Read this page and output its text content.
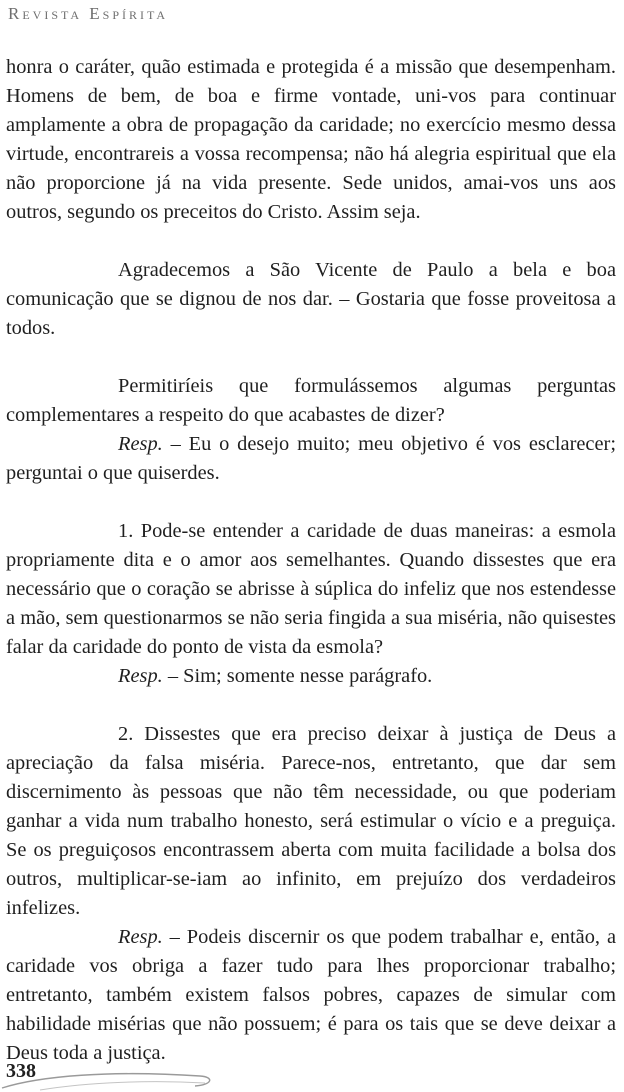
Revista Espírita

honra o caráter, quão estimada e protegida é a missão que desempenham. Homens de bem, de boa e firme vontade, uni-vos para continuar amplamente a obra de propagação da caridade; no exercício mesmo dessa virtude, encontrareis a vossa recompensa; não há alegria espiritual que ela não proporcione já na vida presente. Sede unidos, amai-vos uns aos outros, segundo os preceitos do Cristo. Assim seja.

Agradecemos a São Vicente de Paulo a bela e boa comunicação que se dignou de nos dar. – Gostaria que fosse proveitosa a todos.

Permitiríeis que formulássemos algumas perguntas complementares a respeito do que acabastes de dizer?

Resp. – Eu o desejo muito; meu objetivo é vos esclarecer; perguntai o que quiserdes.

1. Pode-se entender a caridade de duas maneiras: a esmola propriamente dita e o amor aos semelhantes. Quando dissestes que era necessário que o coração se abrisse à súplica do infeliz que nos estendesse a mão, sem questionarmos se não seria fingida a sua miséria, não quisestes falar da caridade do ponto de vista da esmola?

Resp. – Sim; somente nesse parágrafo.

2. Dissestes que era preciso deixar à justiça de Deus a apreciação da falsa miséria. Parece-nos, entretanto, que dar sem discernimento às pessoas que não têm necessidade, ou que poderiam ganhar a vida num trabalho honesto, será estimular o vício e a preguiça. Se os preguiçosos encontrassem aberta com muita facilidade a bolsa dos outros, multiplicar-se-iam ao infinito, em prejuízo dos verdadeiros infelizes.

Resp. – Podeis discernir os que podem trabalhar e, então, a caridade vos obriga a fazer tudo para lhes proporcionar trabalho; entretanto, também existem falsos pobres, capazes de simular com habilidade misérias que não possuem; é para os tais que se deve deixar a Deus toda a justiça.

338
